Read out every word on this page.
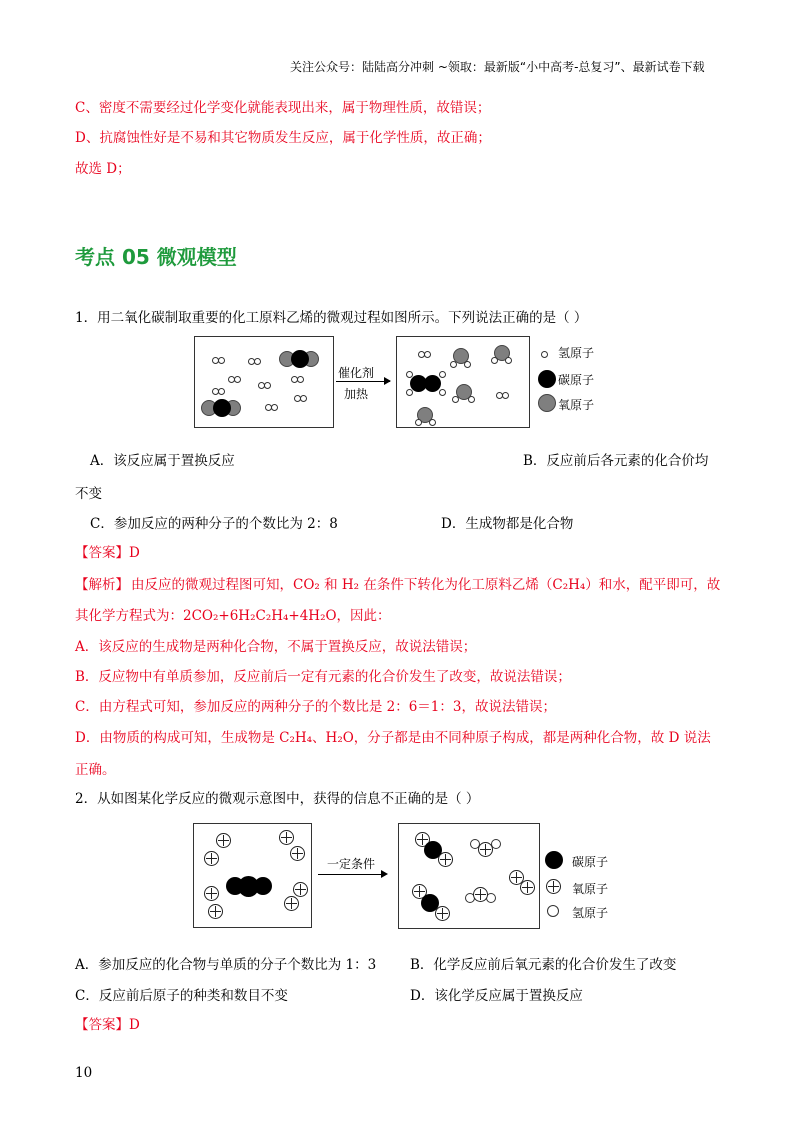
关注公众号：陆陆高分冲刺 ~领取：最新版“小中高考-总复习”、最新试卷下载
C、密度不需要经过化学变化就能表现出来，属于物理性质，故错误；
D、抗腐蚀性好是不易和其它物质发生反应，属于化学性质，故正确；
故选 D；
考点 05 微观模型
1．用二氧化碳制取重要的化工原料乙烯的微观过程如图所示。下列说法正确的是（ ）
催化剂
加热
氢原子
碳原子
氧原子
A．该反应属于置换反应	B．反应前后各元素的化合价均
不变
C．参加反应的两种分子的个数比为 2：8	D．生成物都是化合物
【答案】D
【解析】 由反应的微观过程图可知，CO₂ 和 H₂ 在条件下转化为化工原料乙烯（C₂H₄）和水，配平即可，故
其化学方程式为：2CO₂+6H₂C₂H₄+4H₂O，因此：
A．该反应的生成物是两种化合物，不属于置换反应，故说法错误；
B．反应物中有单质参加，反应前后一定有元素的化合价发生了改变，故说法错误；
C．由方程式可知，参加反应的两种分子的个数比是 2：6＝1：3，故说法错误；
D．由物质的构成可知，生成物是 C₂H₄、H₂O，分子都是由不同种原子构成，都是两种化合物，故 D 说法
正确。
2．从如图某化学反应的微观示意图中，获得的信息不正确的是（ ）
一定条件	碳原子
氧原子
氢原子
A．参加反应的化合物与单质的分子个数比为 1：3	B．化学反应前后氧元素的化合价发生了改变
C．反应前后原子的种类和数目不变	D．该化学反应属于置换反应
【答案】D
10
